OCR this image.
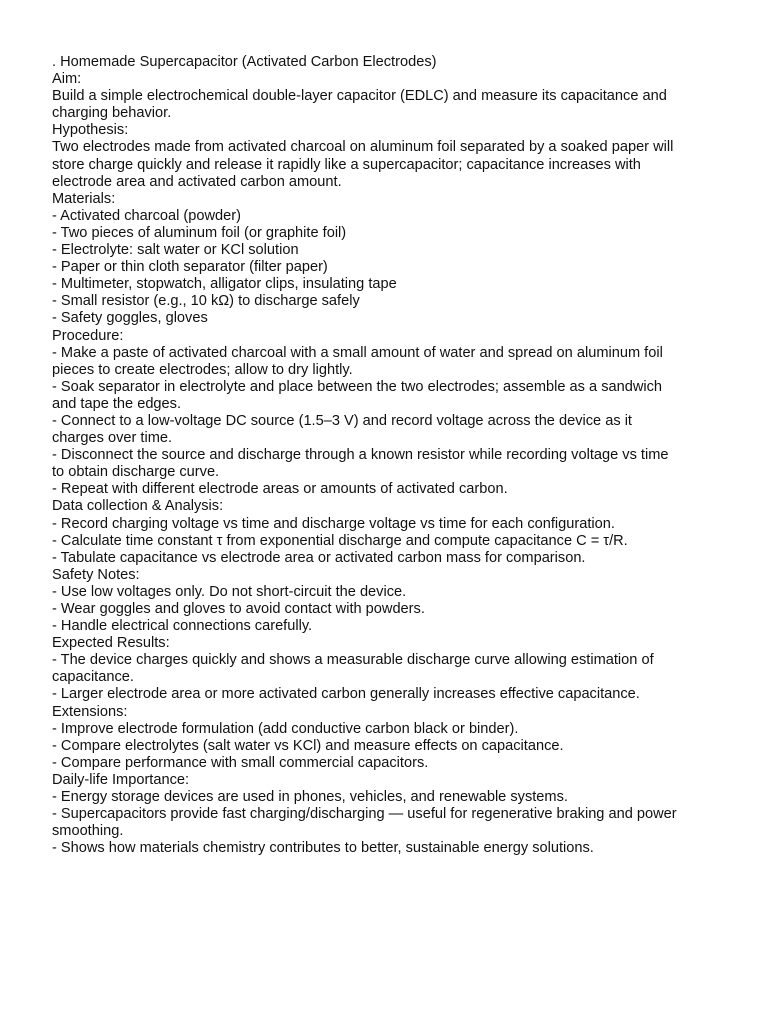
. Homemade Supercapacitor (Activated Carbon Electrodes)
Aim:
Build a simple electrochemical double-layer capacitor (EDLC) and measure its capacitance and
charging behavior.
Hypothesis:
Two electrodes made from activated charcoal on aluminum foil separated by a soaked paper will
store charge quickly and release it rapidly like a supercapacitor; capacitance increases with
electrode area and activated carbon amount.
Materials:
- Activated charcoal (powder)
- Two pieces of aluminum foil (or graphite foil)
- Electrolyte: salt water or KCl solution
- Paper or thin cloth separator (filter paper)
- Multimeter, stopwatch, alligator clips, insulating tape
- Small resistor (e.g., 10 kΩ) to discharge safely
- Safety goggles, gloves
Procedure:
- Make a paste of activated charcoal with a small amount of water and spread on aluminum foil
pieces to create electrodes; allow to dry lightly.
- Soak separator in electrolyte and place between the two electrodes; assemble as a sandwich
and tape the edges.
- Connect to a low-voltage DC source (1.5–3 V) and record voltage across the device as it
charges over time.
- Disconnect the source and discharge through a known resistor while recording voltage vs time
to obtain discharge curve.
- Repeat with different electrode areas or amounts of activated carbon.
Data collection & Analysis:
- Record charging voltage vs time and discharge voltage vs time for each configuration.
- Calculate time constant τ from exponential discharge and compute capacitance C = τ/R.
- Tabulate capacitance vs electrode area or activated carbon mass for comparison.
Safety Notes:
- Use low voltages only. Do not short-circuit the device.
- Wear goggles and gloves to avoid contact with powders.
- Handle electrical connections carefully.
Expected Results:
- The device charges quickly and shows a measurable discharge curve allowing estimation of
capacitance.
- Larger electrode area or more activated carbon generally increases effective capacitance.
Extensions:
- Improve electrode formulation (add conductive carbon black or binder).
- Compare electrolytes (salt water vs KCl) and measure effects on capacitance.
- Compare performance with small commercial capacitors.
Daily-life Importance:
- Energy storage devices are used in phones, vehicles, and renewable systems.
- Supercapacitors provide fast charging/discharging — useful for regenerative braking and power
smoothing.
- Shows how materials chemistry contributes to better, sustainable energy solutions.
